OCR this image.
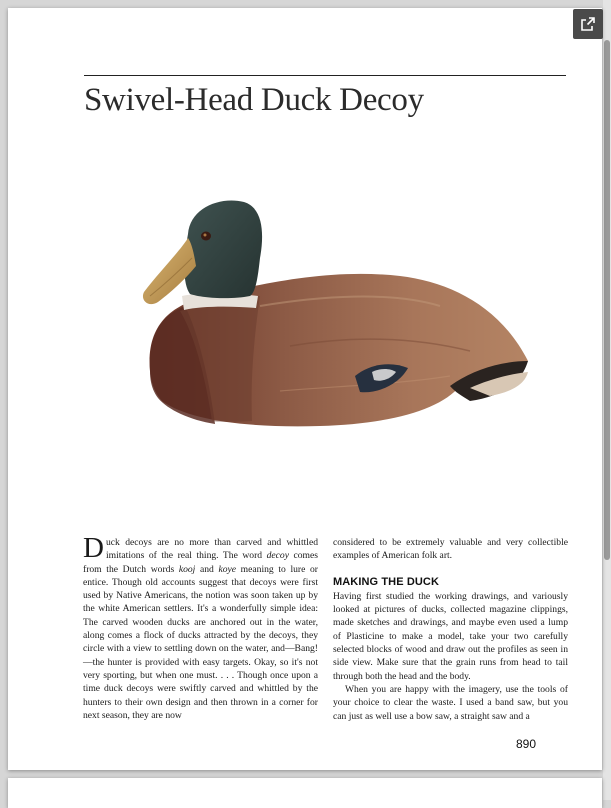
Swivel-Head Duck Decoy

Duck decoys are no more than carved and whittled imitations of the real thing. The word decoy comes from the Dutch words kooj and koye meaning to lure or entice. Though old accounts suggest that decoys were first used by Native Americans, the notion was soon taken up by the white American settlers. It's a wonderfully simple idea: The carved wooden ducks are anchored out in the water, along comes a flock of ducks attracted by the decoys, they circle with a view to settling down on the water, and—Bang!—the hunter is provided with easy targets. Okay, so it's not very sporting, but when one must. . . . Though once upon a time duck decoys were swiftly carved and whittled by the hunters to their own design and then thrown in a corner for next season, they are now

considered to be extremely valuable and very collectible examples of American folk art.

MAKING THE DUCK

Having first studied the working drawings, and variously looked at pictures of ducks, collected magazine clippings, made sketches and drawings, and maybe even used a lump of Plasticine to make a model, take your two carefully selected blocks of wood and draw out the profiles as seen in side view. Make sure that the grain runs from head to tail through both the head and the body.

When you are happy with the imagery, use the tools of your choice to clear the waste. I used a band saw, but you can just as well use a bow saw, a straight saw and a

890
